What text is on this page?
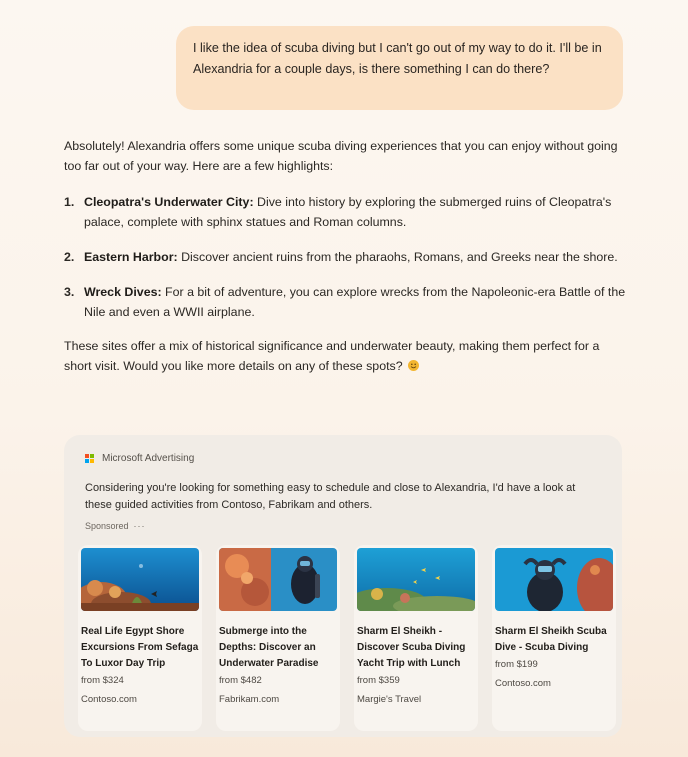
I like the idea of scuba diving but I can't go out of my way to do it. I'll be in Alexandria for a couple days, is there something I can do there?

Absolutely! Alexandria offers some unique scuba diving experiences that you can enjoy without going too far out of your way. Here are a few highlights:

1. Cleopatra's Underwater City: Dive into history by exploring the submerged ruins of Cleopatra's palace, complete with sphinx statues and Roman columns.
2. Eastern Harbor: Discover ancient ruins from the pharaohs, Romans, and Greeks near the shore.
3. Wreck Dives: For a bit of adventure, you can explore wrecks from the Napoleonic-era Battle of the Nile and even a WWII airplane.

These sites offer a mix of historical significance and underwater beauty, making them perfect for a short visit. Would you like more details on any of these spots?

Microsoft Advertising

Considering you're looking for something easy to schedule and close to Alexandria, I'd have a look at these guided activities from Contoso, Fabrikam and others.

Sponsored ···

Real Life Egypt Shore Excursions From Sefaga To Luxor Day Trip

from $324

Contoso.com

Submerge into the Depths: Discover an Underwater Paradise

from $482

Fabrikam.com

Sharm El Sheikh - Discover Scuba Diving Yacht Trip with Lunch

from $359

Margie's Travel

Sharm El Sheikh Scuba Dive - Scuba Diving

from $199

Contoso.com
